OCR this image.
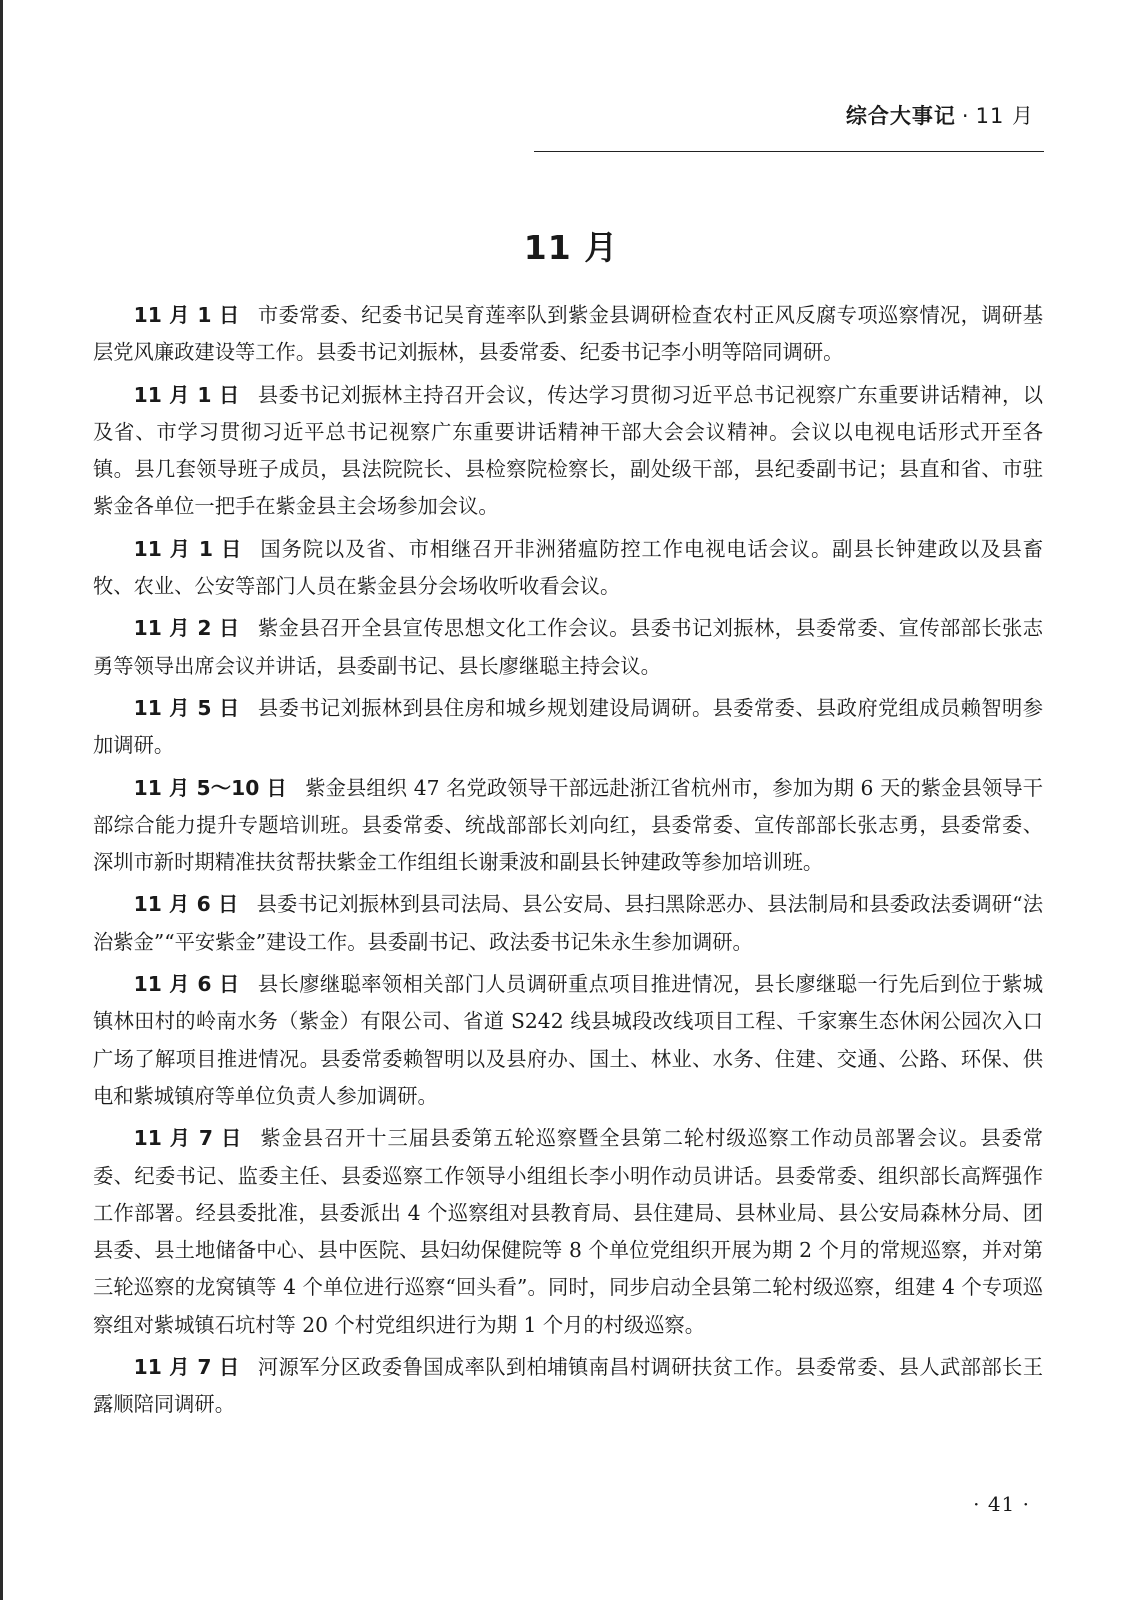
综合大事记 · 11 月
11 月

11 月 1 日 市委常委、纪委书记吴育莲率队到紫金县调研检查农村正风反腐专项巡察情况，调研基层党风廉政建设等工作。县委书记刘振林，县委常委、纪委书记李小明等陪同调研。

11 月 1 日 县委书记刘振林主持召开会议，传达学习贯彻习近平总书记视察广东重要讲话精神，以及省、市学习贯彻习近平总书记视察广东重要讲话精神干部大会会议精神。会议以电视电话形式开至各镇。县几套领导班子成员，县法院院长、县检察院检察长，副处级干部，县纪委副书记；县直和省、市驻紫金各单位一把手在紫金县主会场参加会议。

11 月 1 日 国务院以及省、市相继召开非洲猪瘟防控工作电视电话会议。副县长钟建政以及县畜牧、农业、公安等部门人员在紫金县分会场收听收看会议。

11 月 2 日 紫金县召开全县宣传思想文化工作会议。县委书记刘振林，县委常委、宣传部部长张志勇等领导出席会议并讲话，县委副书记、县长廖继聪主持会议。

11 月 5 日 县委书记刘振林到县住房和城乡规划建设局调研。县委常委、县政府党组成员赖智明参加调研。

11 月 5～10 日 紫金县组织 47 名党政领导干部远赴浙江省杭州市，参加为期 6 天的紫金县领导干部综合能力提升专题培训班。县委常委、统战部部长刘向红，县委常委、宣传部部长张志勇，县委常委、深圳市新时期精准扶贫帮扶紫金工作组组长谢秉波和副县长钟建政等参加培训班。

11 月 6 日 县委书记刘振林到县司法局、县公安局、县扫黑除恶办、县法制局和县委政法委调研“法治紫金”“平安紫金”建设工作。县委副书记、政法委书记朱永生参加调研。

11 月 6 日 县长廖继聪率领相关部门人员调研重点项目推进情况，县长廖继聪一行先后到位于紫城镇林田村的岭南水务（紫金）有限公司、省道 S242 线县城段改线项目工程、千家寨生态休闲公园次入口广场了解项目推进情况。县委常委赖智明以及县府办、国土、林业、水务、住建、交通、公路、环保、供电和紫城镇府等单位负责人参加调研。

11 月 7 日 紫金县召开十三届县委第五轮巡察暨全县第二轮村级巡察工作动员部署会议。县委常委、纪委书记、监委主任、县委巡察工作领导小组组长李小明作动员讲话。县委常委、组织部长高辉强作工作部署。经县委批准，县委派出 4 个巡察组对县教育局、县住建局、县林业局、县公安局森林分局、团县委、县土地储备中心、县中医院、县妇幼保健院等 8 个单位党组织开展为期 2 个月的常规巡察，并对第三轮巡察的龙窝镇等 4 个单位进行巡察“回头看”。同时，同步启动全县第二轮村级巡察，组建 4 个专项巡察组对紫城镇石坑村等 20 个村党组织进行为期 1 个月的村级巡察。

11 月 7 日 河源军分区政委鲁国成率队到柏埔镇南昌村调研扶贫工作。县委常委、县人武部部长王露顺陪同调研。

· 41 ·
